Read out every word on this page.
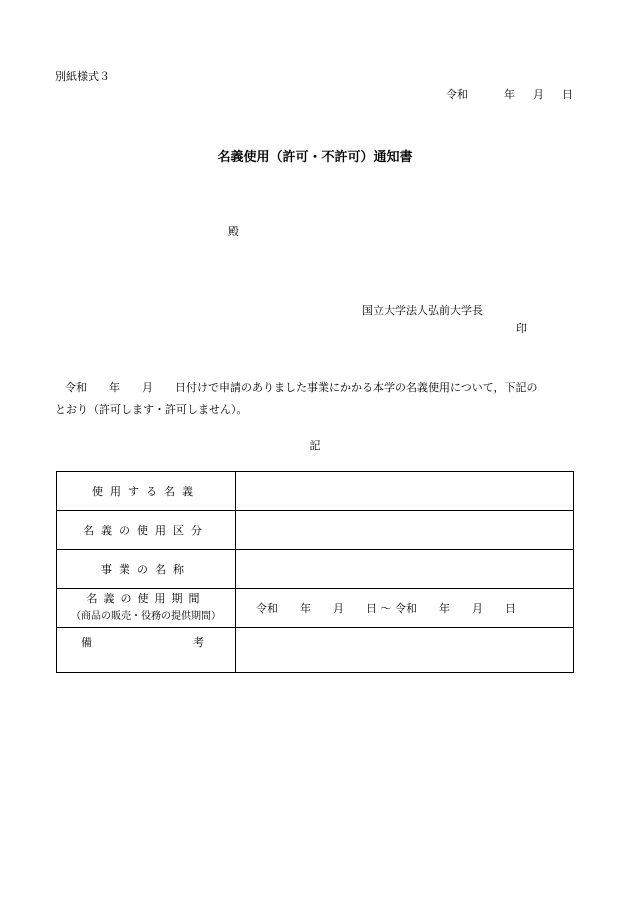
別紙様式３
令和	年 月 日
名義使用（許可・不許可）通知書
殿
国立大学法人弘前大学長
印
令和　　年　　月　　日付けで申請のありました事業にかかる本学の名義使用について，下記の
とおり（許可します・許可しません）。
記
使用する名義	
名義の使用区分	
事業の名称	

名義の使用期間
（商品の販売・役務の提供期間）	令和　　年　　月　　日 ～ 令和　　年　　月　　日

備 考	
